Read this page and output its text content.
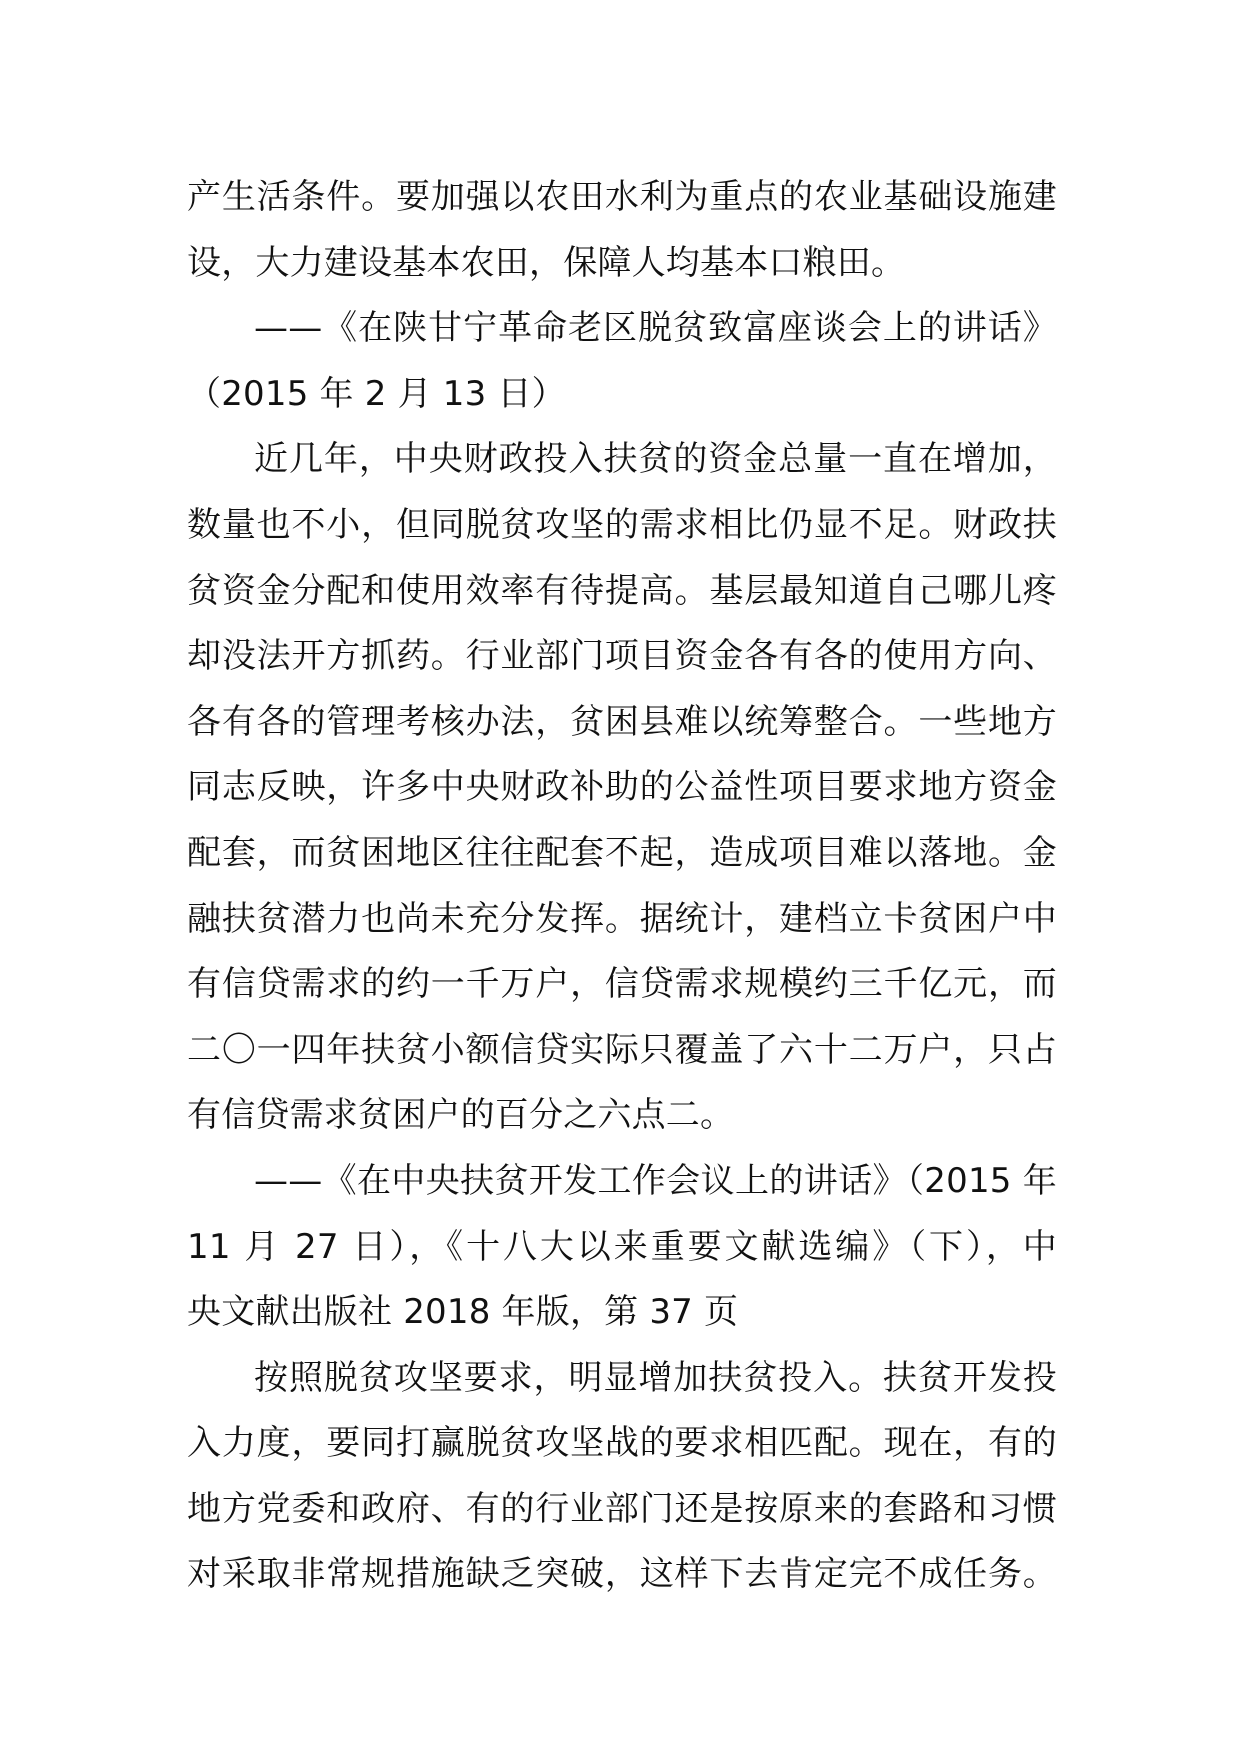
产生活条件。要加强以农田水利为重点的农业基础设施建
设，大力建设基本农田，保障人均基本口粮田。
——《在陕甘宁革命老区脱贫致富座谈会上的讲话》
（2015 年 2 月 13 日）
近几年，中央财政投入扶贫的资金总量一直在增加，
数量也不小，但同脱贫攻坚的需求相比仍显不足。财政扶
贫资金分配和使用效率有待提高。基层最知道自己哪儿疼
却没法开方抓药。行业部门项目资金各有各的使用方向、
各有各的管理考核办法，贫困县难以统筹整合。一些地方
同志反映，许多中央财政补助的公益性项目要求地方资金
配套，而贫困地区往往配套不起，造成项目难以落地。金
融扶贫潜力也尚未充分发挥。据统计，建档立卡贫困户中
有信贷需求的约一千万户，信贷需求规模约三千亿元，而
二〇一四年扶贫小额信贷实际只覆盖了六十二万户，只占
有信贷需求贫困户的百分之六点二。
——《在中央扶贫开发工作会议上的讲话》（2015 年
11 月 27 日），《十八大以来重要文献选编》（下），中
央文献出版社 2018 年版，第 37 页
按照脱贫攻坚要求，明显增加扶贫投入。扶贫开发投
入力度，要同打赢脱贫攻坚战的要求相匹配。现在，有的
地方党委和政府、有的行业部门还是按原来的套路和习惯
对采取非常规措施缺乏突破，这样下去肯定完不成任务。
